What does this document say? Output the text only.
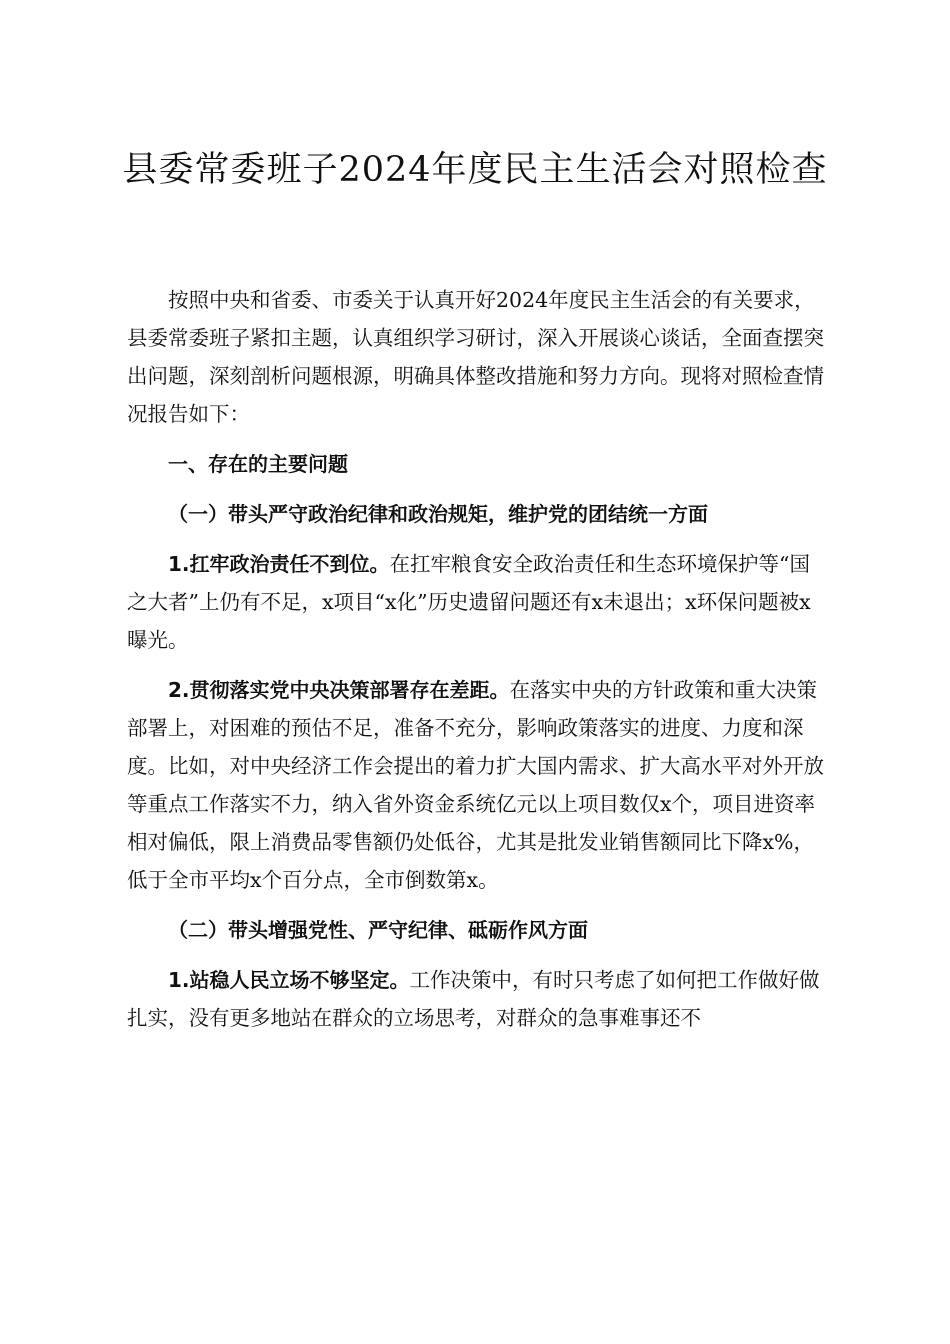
县委常委班子2024年度民主生活会对照检查

按照中央和省委、市委关于认真开好2024年度民主生活会的有关要求，县委常委班子紧扣主题，认真组织学习研讨，深入开展谈心谈话，全面查摆突出问题，深刻剖析问题根源，明确具体整改措施和努力方向。现将对照检查情况报告如下：

一、存在的主要问题

（一）带头严守政治纪律和政治规矩，维护党的团结统一方面

1.扛牢政治责任不到位。在扛牢粮食安全政治责任和生态环境保护等“国之大者”上仍有不足，x项目“x化”历史遗留问题还有x未退出；x环保问题被x曝光。

2.贯彻落实党中央决策部署存在差距。在落实中央的方针政策和重大决策部署上，对困难的预估不足，准备不充分，影响政策落实的进度、力度和深度。比如，对中央经济工作会提出的着力扩大国内需求、扩大高水平对外开放等重点工作落实不力，纳入省外资金系统亿元以上项目数仅x个，项目进资率相对偏低，限上消费品零售额仍处低谷，尤其是批发业销售额同比下降x%，低于全市平均x个百分点，全市倒数第x。

（二）带头增强党性、严守纪律、砥砺作风方面

1.站稳人民立场不够坚定。工作决策中，有时只考虑了如何把工作做好做扎实，没有更多地站在群众的立场思考，对群众的急事难事还不
